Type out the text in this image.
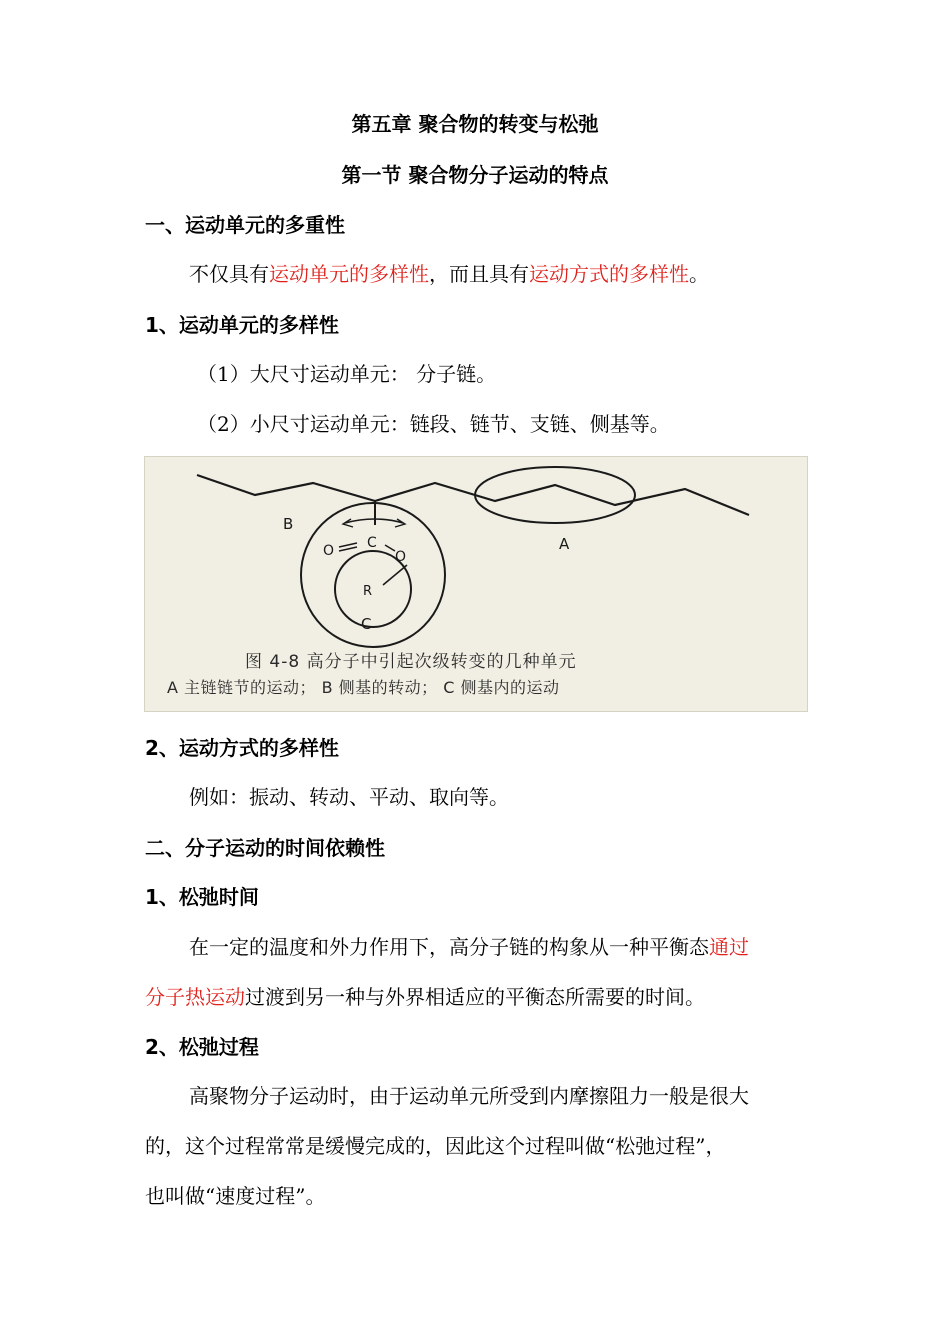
第五章 聚合物的转变与松弛
第一节 聚合物分子运动的特点
一、运动单元的多重性
不仅具有运动单元的多样性，而且具有运动方式的多样性。
1、运动单元的多样性
（1）大尺寸运动单元： 分子链。
（2）小尺寸运动单元：链段、链节、支链、侧基等。
B
A
C
C
O	O
R
图 4-8 高分子中引起次级转变的几种单元
A 主链链节的运动； B 侧基的转动； C 侧基内的运动
2、运动方式的多样性
例如：振动、转动、平动、取向等。
二、分子运动的时间依赖性
1、松弛时间
在一定的温度和外力作用下，高分子链的构象从一种平衡态通过
分子热运动过渡到另一种与外界相适应的平衡态所需要的时间。
2、松弛过程
高聚物分子运动时，由于运动单元所受到内摩擦阻力一般是很大
的，这个过程常常是缓慢完成的，因此这个过程叫做“松弛过程”，
也叫做“速度过程”。
